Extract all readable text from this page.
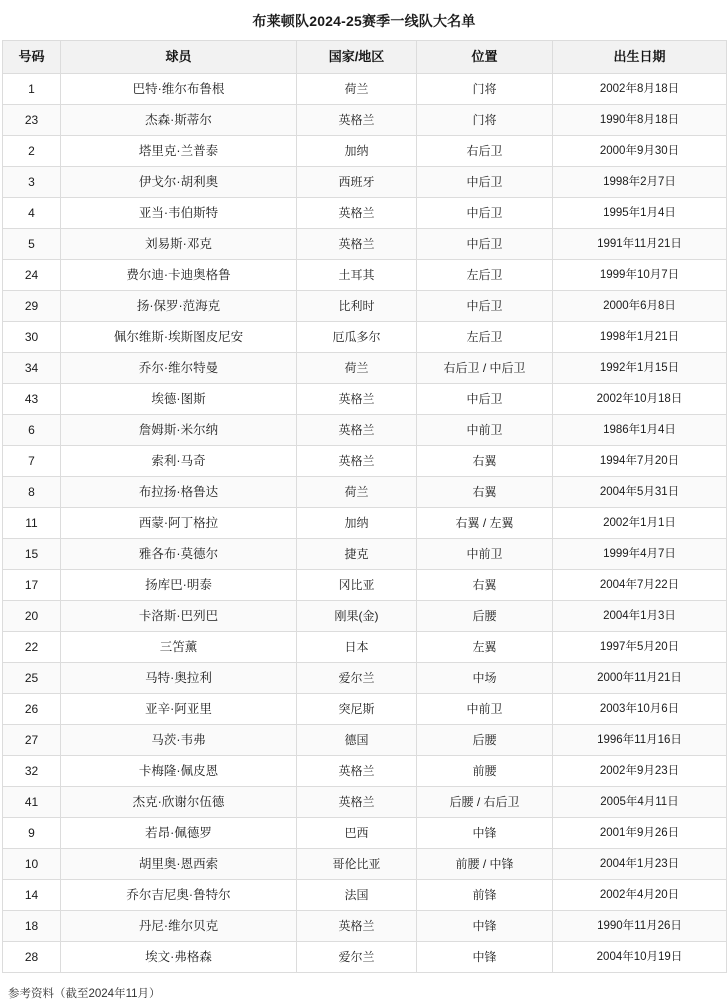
布莱顿队2024-25赛季一线队大名单
号码	球员	国家/地区	位置	出生日期
1	巴特·维尔布鲁根	荷兰	门将	2002年8月18日
23	杰森·斯蒂尔	英格兰	门将	1990年8月18日
2	塔里克·兰普泰	加纳	右后卫	2000年9月30日
3	伊戈尔·胡利奥	西班牙	中后卫	1998年2月7日
4	亚当·韦伯斯特	英格兰	中后卫	1995年1月4日
5	刘易斯·邓克	英格兰	中后卫	1991年11月21日
24	费尔迪·卡迪奥格鲁	土耳其	左后卫	1999年10月7日
29	扬·保罗·范海克	比利时	中后卫	2000年6月8日
30	佩尔维斯·埃斯图皮尼安	厄瓜多尔	左后卫	1998年1月21日
34	乔尔·维尔特曼	荷兰	右后卫 / 中后卫	1992年1月15日
43	埃德·图斯	英格兰	中后卫	2002年10月18日
6	詹姆斯·米尔纳	英格兰	中前卫	1986年1月4日
7	索利·马奇	英格兰	右翼	1994年7月20日
8	布拉扬·格鲁达	荷兰	右翼	2004年5月31日
11	西蒙·阿丁格拉	加纳	右翼 / 左翼	2002年1月1日
15	雅各布·莫德尔	捷克	中前卫	1999年4月7日
17	扬库巴·明泰	冈比亚	右翼	2004年7月22日
20	卡洛斯·巴列巴	刚果(金)	后腰	2004年1月3日
22	三笘薰	日本	左翼	1997年5月20日
25	马特·奥拉利	爱尔兰	中场	2000年11月21日
26	亚辛·阿亚里	突尼斯	中前卫	2003年10月6日
27	马茨·韦弗	德国	后腰	1996年11月16日
32	卡梅隆·佩皮恩	英格兰	前腰	2002年9月23日
41	杰克·欣谢尔伍德	英格兰	后腰 / 右后卫	2005年4月11日
9	若昂·佩德罗	巴西	中锋	2001年9月26日
10	胡里奥·恩西索	哥伦比亚	前腰 / 中锋	2004年1月23日
14	乔尔吉尼奥·鲁特尔	法国	前锋	2002年4月20日
18	丹尼·维尔贝克	英格兰	中锋	1990年11月26日
28	埃文·弗格森	爱尔兰	中锋	2004年10月19日
参考资料（截至2024年11月）
